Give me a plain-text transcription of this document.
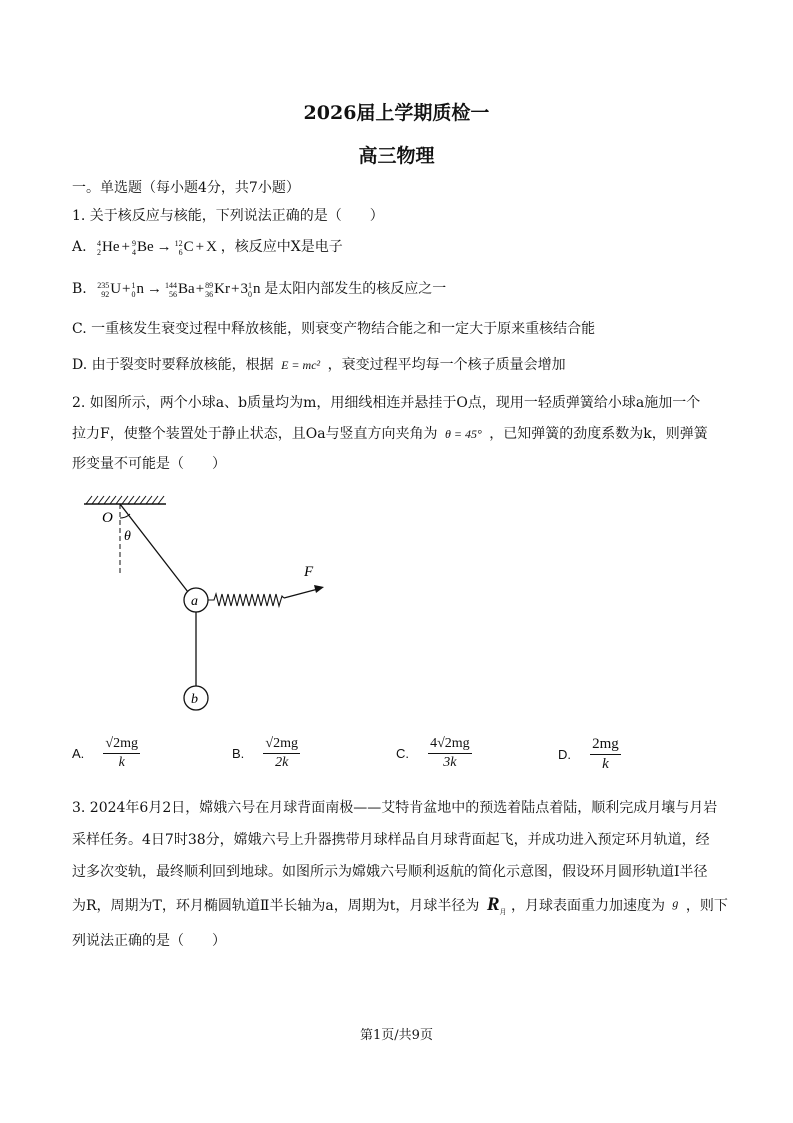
2026届上学期质检一
高三物理
一。单选题（每小题4分，共7小题）
1. 关于核反应与核能，下列说法正确的是（　　）
A. 4
2 He + 9
4 Be → 12
6 C + X ，核反应中X是电子
B. 235
92 U+ 1
0 n → 144
56 Ba+ 89
36 Kr+3 1
0 n 是太阳内部发生的核反应之一
C. 一重核发生衰变过程中释放核能，则衰变产物结合能之和一定大于原来重核结合能
D. 由于裂变时要释放核能，根据 E = mc² ，衰变过程平均每一个核子质量会增加
2. 如图所示，两个小球a、b质量均为m，用细线相连并悬挂于O点，现用一轻质弹簧给小球a施加一个
拉力F，使整个装置处于静止状态，且Oa与竖直方向夹角为 θ = 45° ，已知弹簧的劲度系数为k，则弹簧
形变量不可能是（　　）
O
θ
a
b
F
A. $\frac{√2mg}{k}$	B. $\frac{√2mg}{2k}$	C. $\frac{4√2mg}{3k}$	D. $\frac{2mg}{k}$
3. 2024年6月2日，嫦娥六号在月球背面南极——艾特肯盆地中的预选着陆点着陆，顺利完成月壤与月岩
采样任务。4日7时38分，嫦娥六号上升器携带月球样品自月球背面起飞，并成功进入预定环月轨道，经
过多次变轨，最终顺利回到地球。如图所示为嫦娥六号顺利返航的简化示意图，假设环月圆形轨道Ⅰ半径
为R，周期为T，环月椭圆轨道Ⅱ半长轴为a，周期为t，月球半径为 $R_月$ ，月球表面重力加速度为 g ，则下
列说法正确的是（　　）
第1页/共9页
